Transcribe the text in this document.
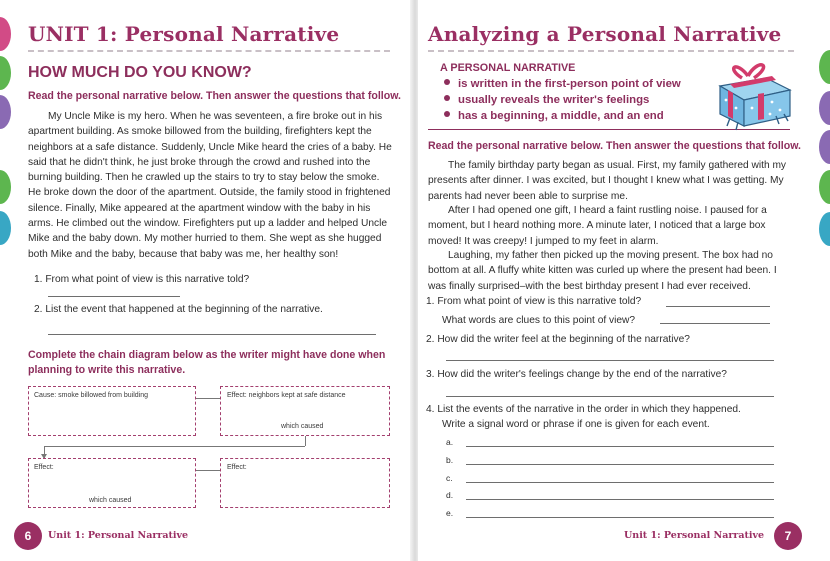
UNIT 1: Personal Narrative
HOW MUCH DO YOU KNOW?
Read the personal narrative below. Then answer the questions that follow.

My Uncle Mike is my hero. When he was seventeen, a fire broke out in his apartment building. As smoke billowed from the building, firefighters kept the neighbors at a safe distance. Suddenly, Uncle Mike heard the cries of a baby. He said that he didn't think, he just broke through the crowd and rushed into the burning building. Then he crawled up the stairs to try to stay below the smoke. He broke down the door of the apartment. Outside, the family stood in frightened silence. Finally, Mike appeared at the apartment window with the baby in his arms. He climbed out the window. Firefighters put up a ladder and helped Uncle Mike and the baby down. My mother hurried to them. She wept as she hugged both Mike and the baby, because that baby was me, her healthy son!

1. From what point of view is this narrative told?
2. List the event that happened at the beginning of the narrative.
Complete the chain diagram below as the writer might have done when planning to write this narrative.
Cause: smoke billowed from building	Effect: neighbors kept at safe distance
which caused
Effect:
which caused
Effect:
6	Unit 1: Personal Narrative
Analyzing a Personal Narrative
A PERSONAL NARRATIVE
is written in the first-person point of view
usually reveals the writer's feelings
has a beginning, a middle, and an end
Read the personal narrative below. Then answer the questions that follow.

The family birthday party began as usual. First, my family gathered with my presents after dinner. I was excited, but I thought I knew what I was getting. My parents had never been able to surprise me.

After I had opened one gift, I heard a faint rustling noise. I paused for a moment, but I heard nothing more. A minute later, I noticed that a large box moved! It was creepy! I jumped to my feet in alarm.

Laughing, my father then picked up the moving present. The box had no bottom at all. A fluffy white kitten was curled up where the present had been. I was finally surprised–with the best birthday present I had ever received.

1. From what point of view is this narrative told?
What words are clues to this point of view?
2. How did the writer feel at the beginning of the narrative?
3. How did the writer's feelings change by the end of the narrative?
4. List the events of the narrative in the order in which they happened.
Write a signal word or phrase if one is given for each event.
a.
b.
c.
d.
e.
Unit 1: Personal Narrative	7
